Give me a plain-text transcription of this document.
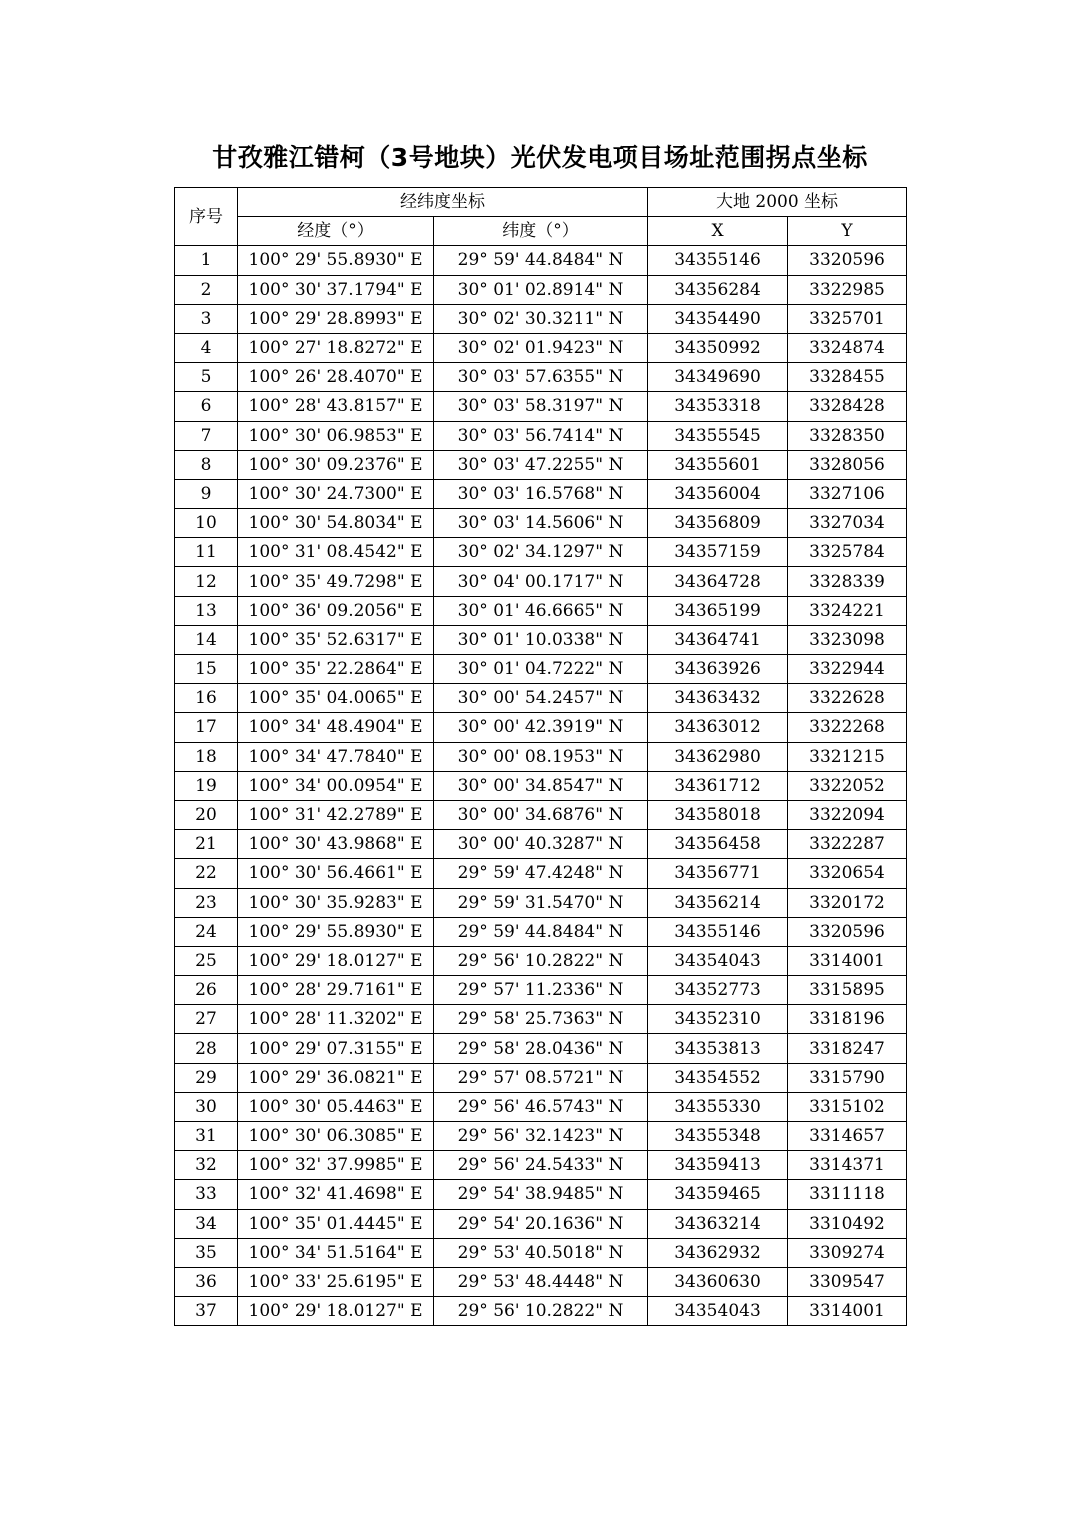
甘孜雅江错柯（3号地块）光伏发电项目场址范围拐点坐标
序号	经纬度坐标		大地 2000 坐标	
	经度（°）	纬度（°）	X	Y
1	100° 29' 55.8930" E	29° 59' 44.8484" N	34355146	3320596
2	100° 30' 37.1794" E	30° 01' 02.8914" N	34356284	3322985
3	100° 29' 28.8993" E	30° 02' 30.3211" N	34354490	3325701
4	100° 27' 18.8272" E	30° 02' 01.9423" N	34350992	3324874
5	100° 26' 28.4070" E	30° 03' 57.6355" N	34349690	3328455
6	100° 28' 43.8157" E	30° 03' 58.3197" N	34353318	3328428
7	100° 30' 06.9853" E	30° 03' 56.7414" N	34355545	3328350
8	100° 30' 09.2376" E	30° 03' 47.2255" N	34355601	3328056
9	100° 30' 24.7300" E	30° 03' 16.5768" N	34356004	3327106
10	100° 30' 54.8034" E	30° 03' 14.5606" N	34356809	3327034
11	100° 31' 08.4542" E	30° 02' 34.1297" N	34357159	3325784
12	100° 35' 49.7298" E	30° 04' 00.1717" N	34364728	3328339
13	100° 36' 09.2056" E	30° 01' 46.6665" N	34365199	3324221
14	100° 35' 52.6317" E	30° 01' 10.0338" N	34364741	3323098
15	100° 35' 22.2864" E	30° 01' 04.7222" N	34363926	3322944
16	100° 35' 04.0065" E	30° 00' 54.2457" N	34363432	3322628
17	100° 34' 48.4904" E	30° 00' 42.3919" N	34363012	3322268
18	100° 34' 47.7840" E	30° 00' 08.1953" N	34362980	3321215
19	100° 34' 00.0954" E	30° 00' 34.8547" N	34361712	3322052
20	100° 31' 42.2789" E	30° 00' 34.6876" N	34358018	3322094
21	100° 30' 43.9868" E	30° 00' 40.3287" N	34356458	3322287
22	100° 30' 56.4661" E	29° 59' 47.4248" N	34356771	3320654
23	100° 30' 35.9283" E	29° 59' 31.5470" N	34356214	3320172
24	100° 29' 55.8930" E	29° 59' 44.8484" N	34355146	3320596
25	100° 29' 18.0127" E	29° 56' 10.2822" N	34354043	3314001
26	100° 28' 29.7161" E	29° 57' 11.2336" N	34352773	3315895
27	100° 28' 11.3202" E	29° 58' 25.7363" N	34352310	3318196
28	100° 29' 07.3155" E	29° 58' 28.0436" N	34353813	3318247
29	100° 29' 36.0821" E	29° 57' 08.5721" N	34354552	3315790
30	100° 30' 05.4463" E	29° 56' 46.5743" N	34355330	3315102
31	100° 30' 06.3085" E	29° 56' 32.1423" N	34355348	3314657
32	100° 32' 37.9985" E	29° 56' 24.5433" N	34359413	3314371
33	100° 32' 41.4698" E	29° 54' 38.9485" N	34359465	3311118
34	100° 35' 01.4445" E	29° 54' 20.1636" N	34363214	3310492
35	100° 34' 51.5164" E	29° 53' 40.5018" N	34362932	3309274
36	100° 33' 25.6195" E	29° 53' 48.4448" N	34360630	3309547
37	100° 29' 18.0127" E	29° 56' 10.2822" N	34354043	3314001
